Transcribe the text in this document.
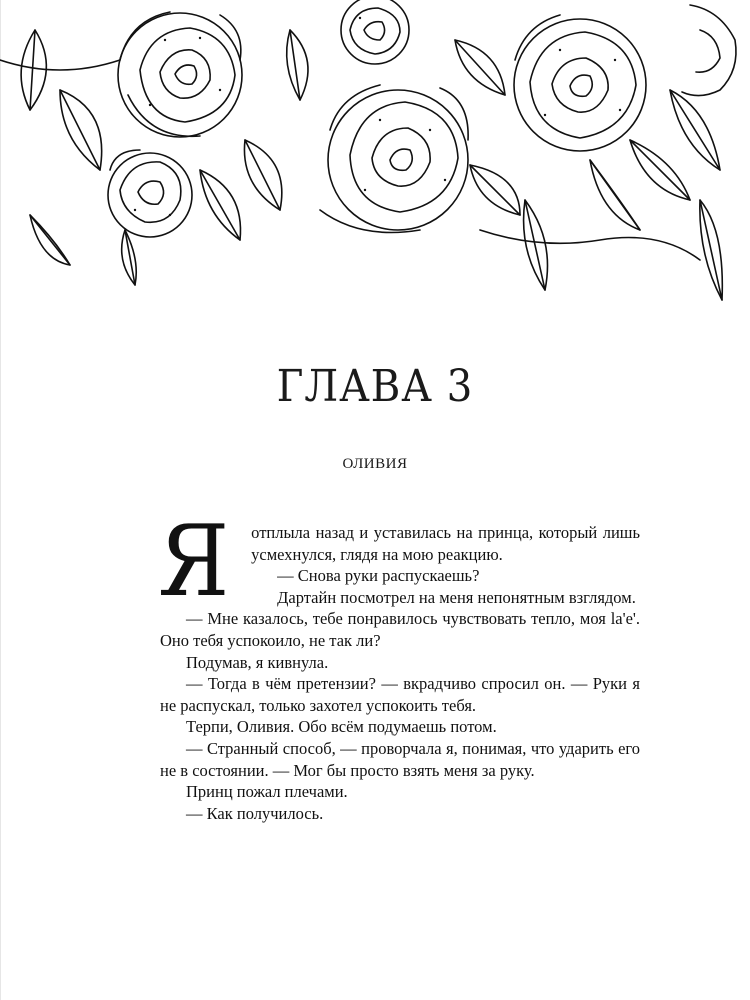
ГЛАВА 3
ОЛИВИЯ

Я отплыла назад и уставилась на принца, который лишь усмехнулся, глядя на мою реакцию.

— Снова руки распускаешь?

Дартайн посмотрел на меня непонятным взглядом.

— Мне казалось, тебе понравилось чувствовать тепло, моя la'e'. Оно тебя успокоило, не так ли?

Подумав, я кивнула.

— Тогда в чём претензии? — вкрадчиво спросил он. — Руки я не распускал, только захотел успокоить тебя.

Терпи, Оливия. Обо всём подумаешь потом.

— Странный способ, — проворчала я, понимая, что ударить его не в состоянии. — Мог бы просто взять меня за руку.

Принц пожал плечами.

— Как получилось.
